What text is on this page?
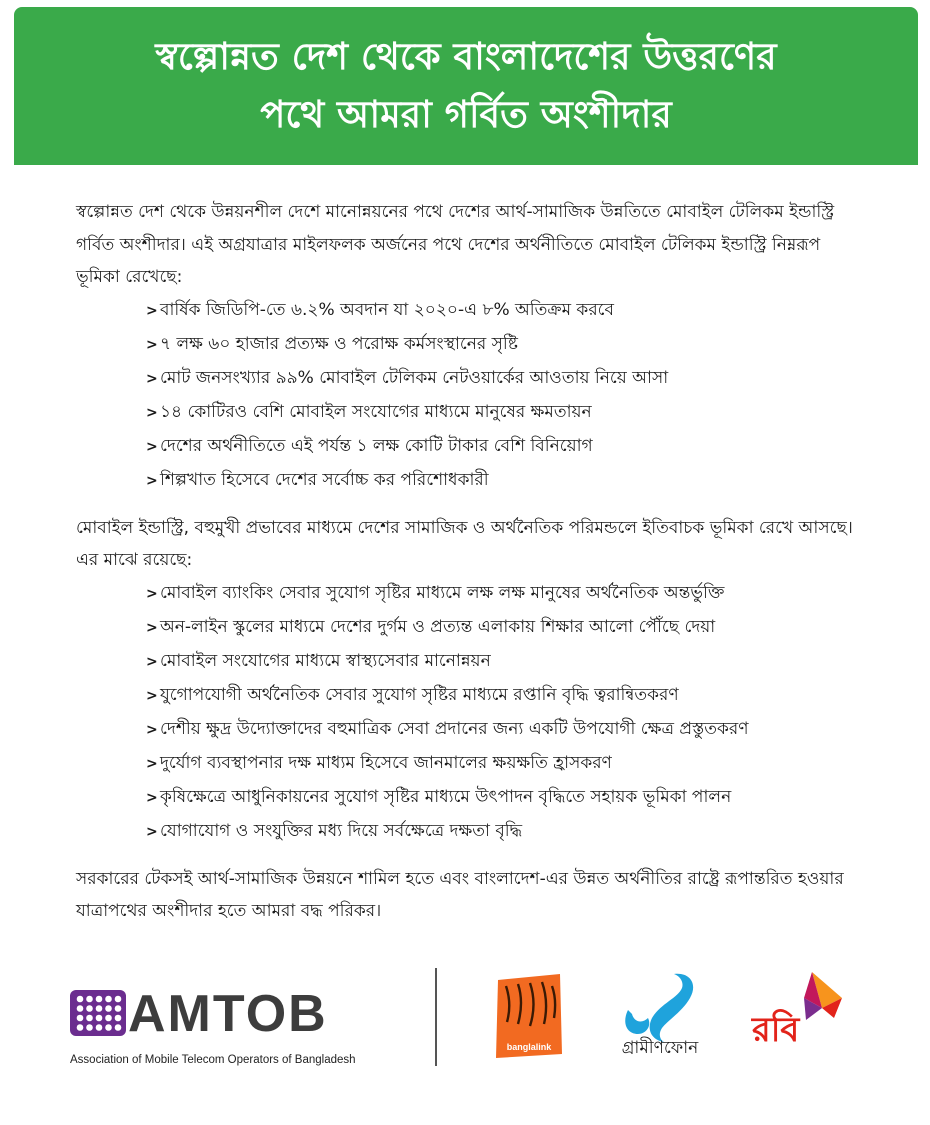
স্বল্পোন্নত দেশ থেকে বাংলাদেশের উত্তরণের
পথে আমরা গর্বিত অংশীদার

স্বল্পোন্নত দেশ থেকে উন্নয়নশীল দেশে মানোন্নয়নের পথে দেশের আর্থ-সামাজিক উন্নতিতে মোবাইল টেলিকম ইন্ডাস্ট্রি গর্বিত অংশীদার। এই অগ্রযাত্রার মাইলফলক অর্জনের পথে দেশের অর্থনীতিতে মোবাইল টেলিকম ইন্ডাস্ট্রি নিম্নরূপ ভূমিকা রেখেছে:

> বার্ষিক জিডিপি-তে ৬.২% অবদান যা ২০২০-এ ৮% অতিক্রম করবে
> ৭ লক্ষ ৬০ হাজার প্রত্যক্ষ ও পরোক্ষ কর্মসংস্থানের সৃষ্টি
> মোট জনসংখ্যার ৯৯% মোবাইল টেলিকম নেটওয়ার্কের আওতায় নিয়ে আসা
> ১৪ কোটিরও বেশি মোবাইল সংযোগের মাধ্যমে মানুষের ক্ষমতায়ন
> দেশের অর্থনীতিতে এই পর্যন্ত ১ লক্ষ কোটি টাকার বেশি বিনিয়োগ
> শিল্পখাত হিসেবে দেশের সর্বোচ্চ কর পরিশোধকারী

মোবাইল ইন্ডাস্ট্রি, বহুমুখী প্রভাবের মাধ্যমে দেশের সামাজিক ও অর্থনৈতিক পরিমন্ডলে ইতিবাচক ভূমিকা রেখে আসছে। এর মাঝে রয়েছে:

> মোবাইল ব্যাংকিং সেবার সুযোগ সৃষ্টির মাধ্যমে লক্ষ লক্ষ মানুষের অর্থনৈতিক অন্তর্ভুক্তি
> অন-লাইন স্কুলের মাধ্যমে দেশের দুর্গম ও প্রত্যন্ত এলাকায় শিক্ষার আলো পৌঁছে দেয়া
> মোবাইল সংযোগের মাধ্যমে স্বাস্থ্যসেবার মানোন্নয়ন
> যুগোপযোগী অর্থনৈতিক সেবার সুযোগ সৃষ্টির মাধ্যমে রপ্তানি বৃদ্ধি ত্বরান্বিতকরণ
> দেশীয় ক্ষুদ্র উদ্যোক্তাদের বহুমাত্রিক সেবা প্রদানের জন্য একটি উপযোগী ক্ষেত্র প্রস্তুতকরণ
> দুর্যোগ ব্যবস্থাপনার দক্ষ মাধ্যম হিসেবে জানমালের ক্ষয়ক্ষতি হ্রাসকরণ
> কৃষিক্ষেত্রে আধুনিকায়নের সুযোগ সৃষ্টির মাধ্যমে উৎপাদন বৃদ্ধিতে সহায়ক ভূমিকা পালন
> যোগাযোগ ও সংযুক্তির মধ্য দিয়ে সর্বক্ষেত্রে দক্ষতা বৃদ্ধি

সরকারের টেকসই আর্থ-সামাজিক উন্নয়নে শামিল হতে এবং বাংলাদেশ-এর উন্নত অর্থনীতির রাষ্ট্রে রূপান্তরিত হওয়ার যাত্রাপথের অংশীদার হতে আমরা বদ্ধ পরিকর।

AMTOB
Association of Mobile Telecom Operators of Bangladesh
banglalink	গ্রামীণফোন রবি
